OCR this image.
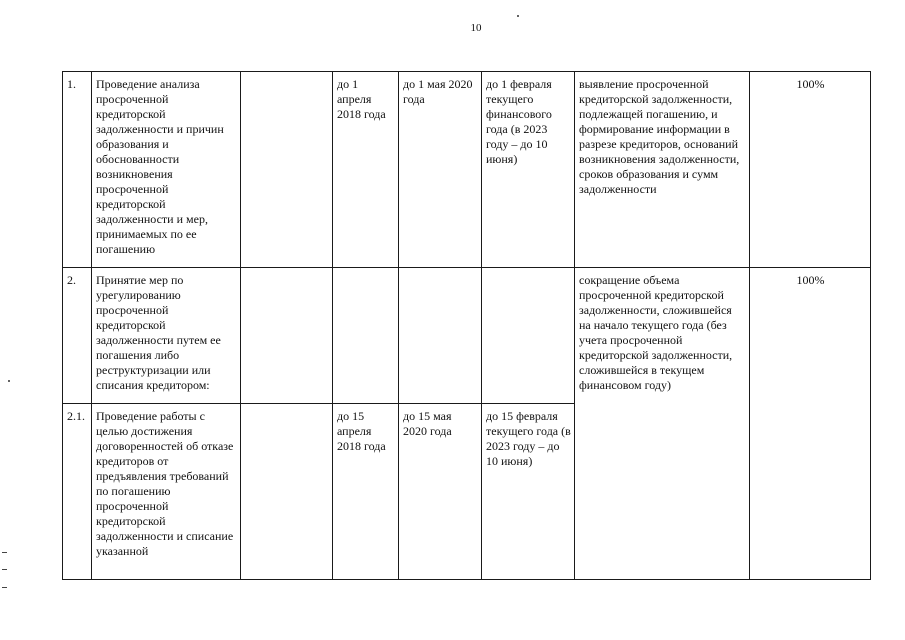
10
1.	Проведение анализа просроченной кредиторской задолженности и причин образования и обоснованности возникновения просроченной кредиторской задолженности и мер, принимаемых по ее погашению		до 1 апреля 2018 года	до 1 мая 2020 года	до 1 февраля текущего финансового года (в 2023 году – до 10 июня)	выявление просроченной кредиторской задолженности, подлежащей погашению, и формирование информации в разрезе кредиторов, оснований возникновения задолженности, сроков образования и сумм задолженности	100%
2.	Принятие мер по урегулированию просроченной кредиторской задолженности путем ее погашения либо реструктуризации или списания кредитором:					сокращение объема просроченной кредиторской задолженности, сложившейся на начало текущего года (без учета просроченной кредиторской задолженности, сложившейся в текущем финансовом году)	100%
2.1.	Проведение работы с целью достижения договоренностей об отказе кредиторов от предъявления требований по погашению просроченной кредиторской задолженности и списание указанной		до 15 апреля 2018 года	до 15 мая 2020 года	до 15 февраля текущего года (в 2023 году – до 10 июня)		
